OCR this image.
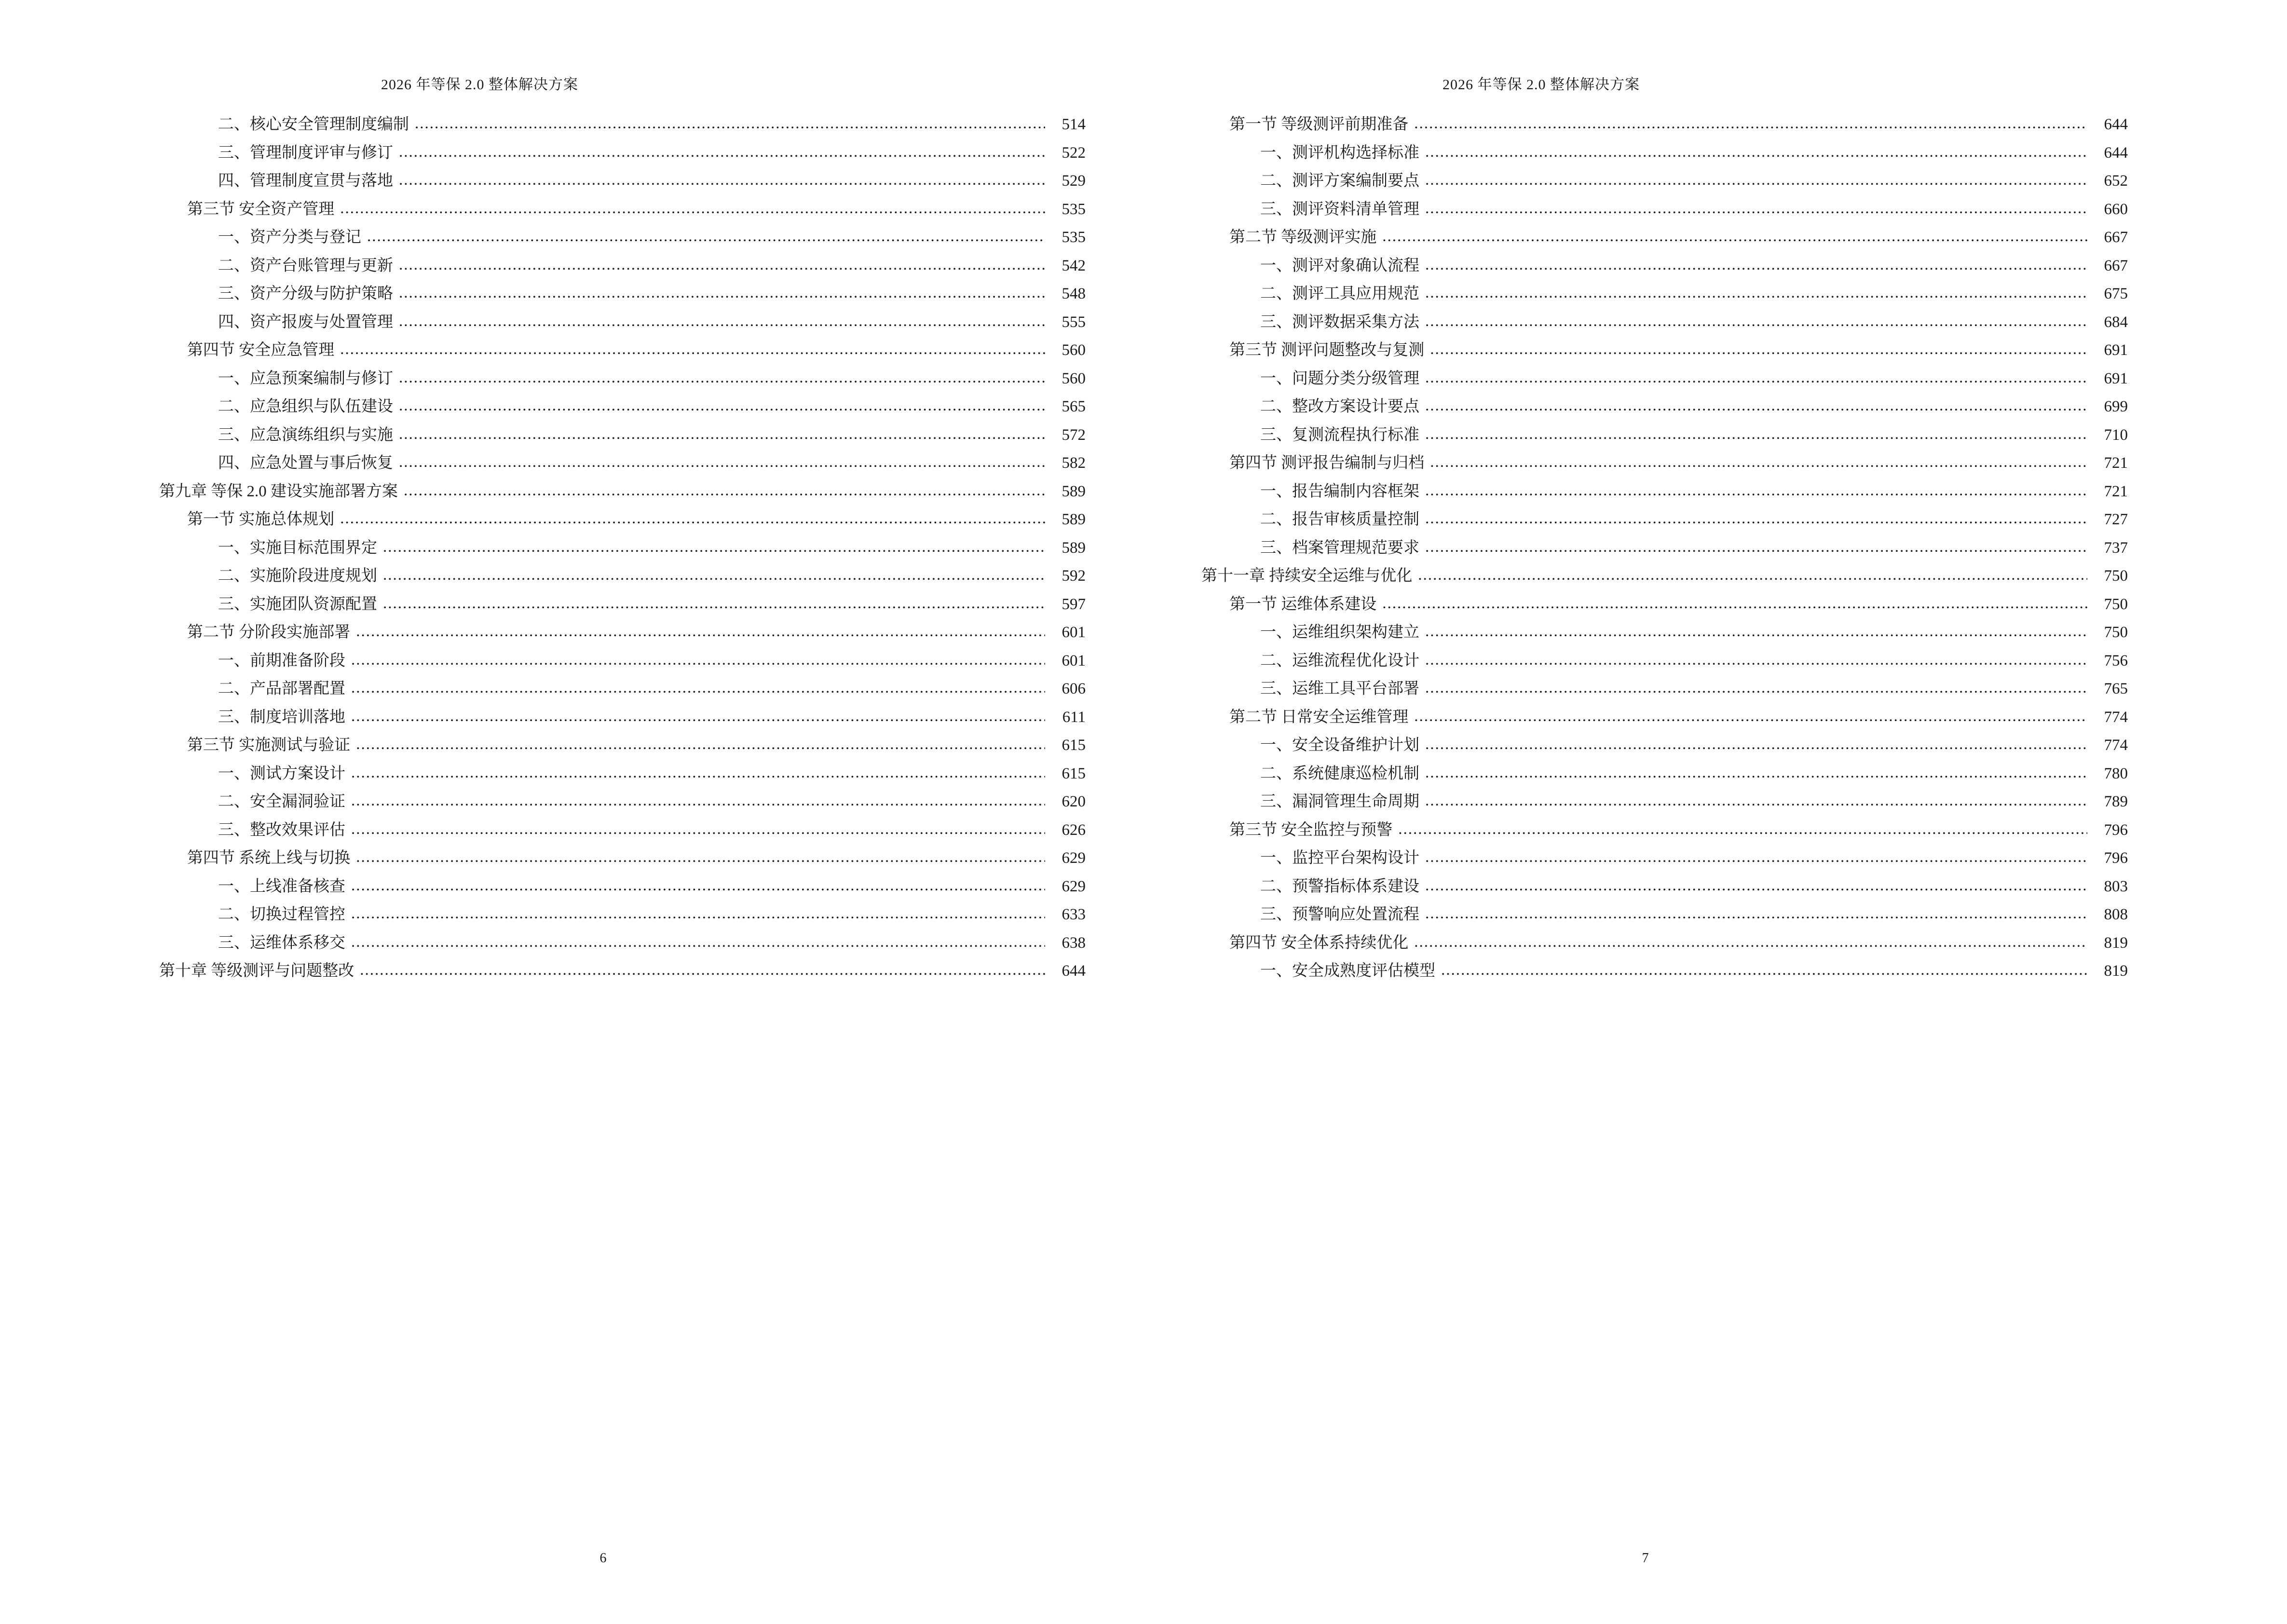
2026 年等保 2.0 整体解决方案
二、核心安全管理制度编制 .....	514
三、管理制度评审与修订 .....	522
四、管理制度宣贯与落地 .....	529
第三节 安全资产管理 .....	535
一、资产分类与登记 .....	535
二、资产台账管理与更新 .....	542
三、资产分级与防护策略 .....	548
四、资产报废与处置管理 .....	555
第四节 安全应急管理 .....	560
一、应急预案编制与修订 .....	560
二、应急组织与队伍建设 .....	565
三、应急演练组织与实施 .....	572
四、应急处置与事后恢复 .....	582
第九章 等保 2.0 建设实施部署方案 .....	589
第一节 实施总体规划 .....	589
一、实施目标范围界定 .....	589
二、实施阶段进度规划 .....	592
三、实施团队资源配置 .....	597
第二节 分阶段实施部署 .....	601
一、前期准备阶段 .....	601
二、产品部署配置 .....	606
三、制度培训落地 .....	611
第三节 实施测试与验证 .....	615
一、测试方案设计 .....	615
二、安全漏洞验证 .....	620
三、整改效果评估 .....	626
第四节 系统上线与切换 .....	629
一、上线准备核查 .....	629
二、切换过程管控 .....	633
三、运维体系移交 .....	638
第十章 等级测评与问题整改 .....	644
6
2026 年等保 2.0 整体解决方案
第一节 等级测评前期准备 .....	644
一、测评机构选择标准 .....	644
二、测评方案编制要点 .....	652
三、测评资料清单管理 .....	660
第二节 等级测评实施 .....	667
一、测评对象确认流程 .....	667
二、测评工具应用规范 .....	675
三、测评数据采集方法 .....	684
第三节 测评问题整改与复测 .....	691
一、问题分类分级管理 .....	691
二、整改方案设计要点 .....	699
三、复测流程执行标准 .....	710
第四节 测评报告编制与归档 .....	721
一、报告编制内容框架 .....	721
二、报告审核质量控制 .....	727
三、档案管理规范要求 .....	737
第十一章 持续安全运维与优化 .....	750
第一节 运维体系建设 .....	750
一、运维组织架构建立 .....	750
二、运维流程优化设计 .....	756
三、运维工具平台部署 .....	765
第二节 日常安全运维管理 .....	774
一、安全设备维护计划 .....	774
二、系统健康巡检机制 .....	780
三、漏洞管理生命周期 .....	789
第三节 安全监控与预警 .....	796
一、监控平台架构设计 .....	796
二、预警指标体系建设 .....	803
三、预警响应处置流程 .....	808
第四节 安全体系持续优化 .....	819
一、安全成熟度评估模型 .....	819
7
